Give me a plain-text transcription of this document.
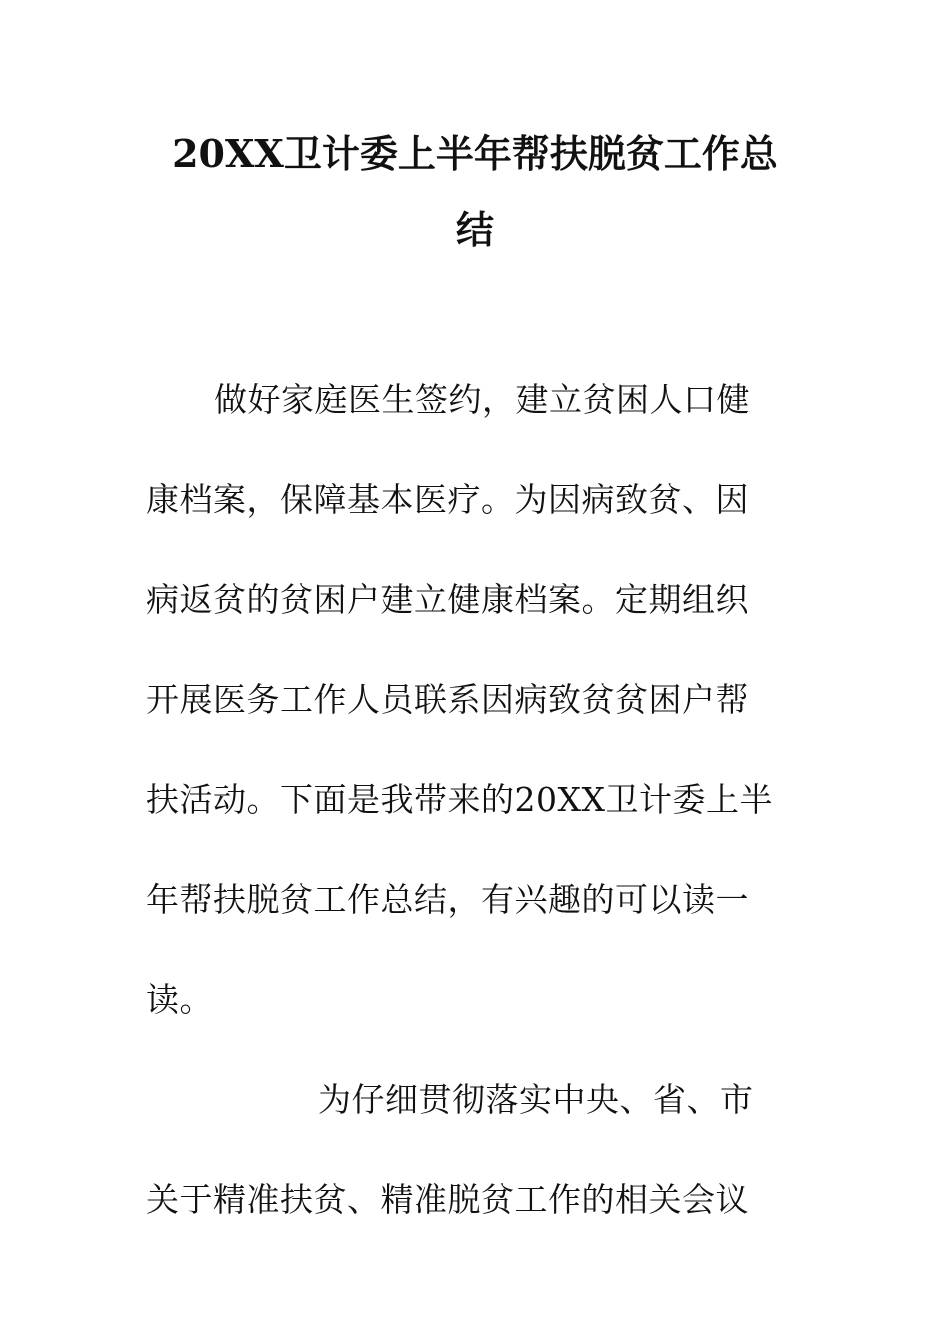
20XX卫计委上半年帮扶脱贫工作总
结
做好家庭医生签约，建立贫困人口健
康档案，保障基本医疗。为因病致贫、因
病返贫的贫困户建立健康档案。定期组织
开展医务工作人员联系因病致贫贫困户帮
扶活动。下面是我带来的20XX卫计委上半
年帮扶脱贫工作总结，有兴趣的可以读一
读。
为仔细贯彻落实中央、省、市
关于精准扶贫、精准脱贫工作的相关会议
